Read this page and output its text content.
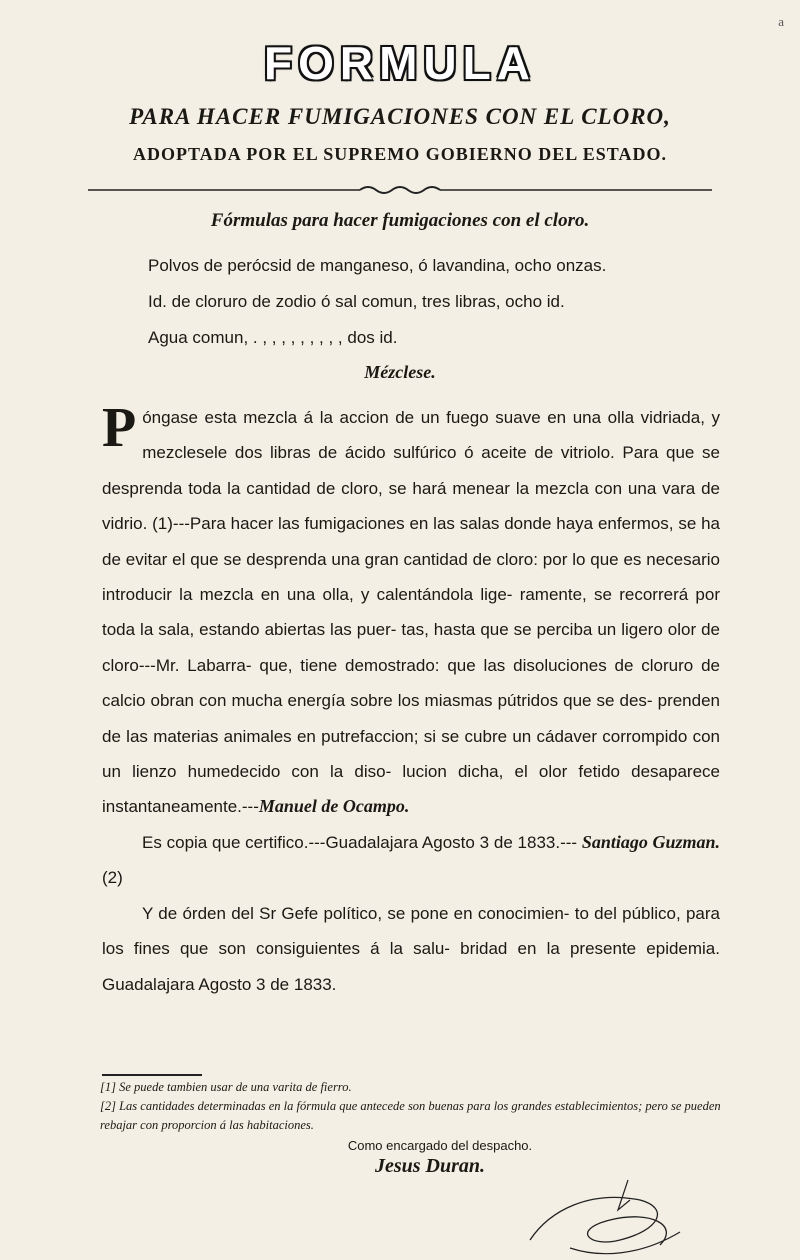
a
FORMULA
PARA HACER FUMIGACIONES CON EL CLORO,
ADOPTADA POR EL SUPREMO GOBIERNO DEL ESTADO.
Fórmulas para hacer fumigaciones con el cloro.
Polvos de perócsid de manganeso, ó lavandina, ocho onzas.
Id. de cloruro de zodio ó sal comun, tres libras, ocho id.
Agua comun, . , , , , , , , , , dos id.
Mézclese.

Póngase esta mezcla á la accion de un fuego suave en una olla vidriada, y mezclesele dos libras de ácido sulfúrico ó aceite de vitriolo. Para que se desprenda toda la cantidad de cloro, se hará menear la mezcla con una vara de vidrio. (1)---Para hacer las fumigaciones en las salas donde haya enfermos, se ha de evitar el que se desprenda una gran cantidad de cloro: por lo que es necesario introducir la mezcla en una olla, y calentándola lige- ramente, se recorrerá por toda la sala, estando abiertas las puer- tas, hasta que se perciba un ligero olor de cloro---Mr. Labarra- que, tiene demostrado: que las disoluciones de cloruro de calcio obran con mucha energía sobre los miasmas pútridos que se des- prenden de las materias animales en putrefaccion; si se cubre un cádaver corrompido con un lienzo humedecido con la diso- lucion dicha, el olor fetido desaparece instantaneamente.---Manuel de Ocampo.

Es copia que certifico.---Guadalajara Agosto 3 de 1833.--- Santiago Guzman. (2)

Y de órden del Sr Gefe político, se pone en conocimien- to del público, para los fines que son consiguientes á la salu- bridad en la presente epidemia. Guadalajara Agosto 3 de 1833.

[1] Se puede tambien usar de una varita de fierro.

[2] Las cantidades determinadas en la fórmula que antecede son buenas para los grandes establecimientos; pero se pueden rebajar con proporcion á las habitaciones.

Como encargado del despacho.
Jesus Duran.
